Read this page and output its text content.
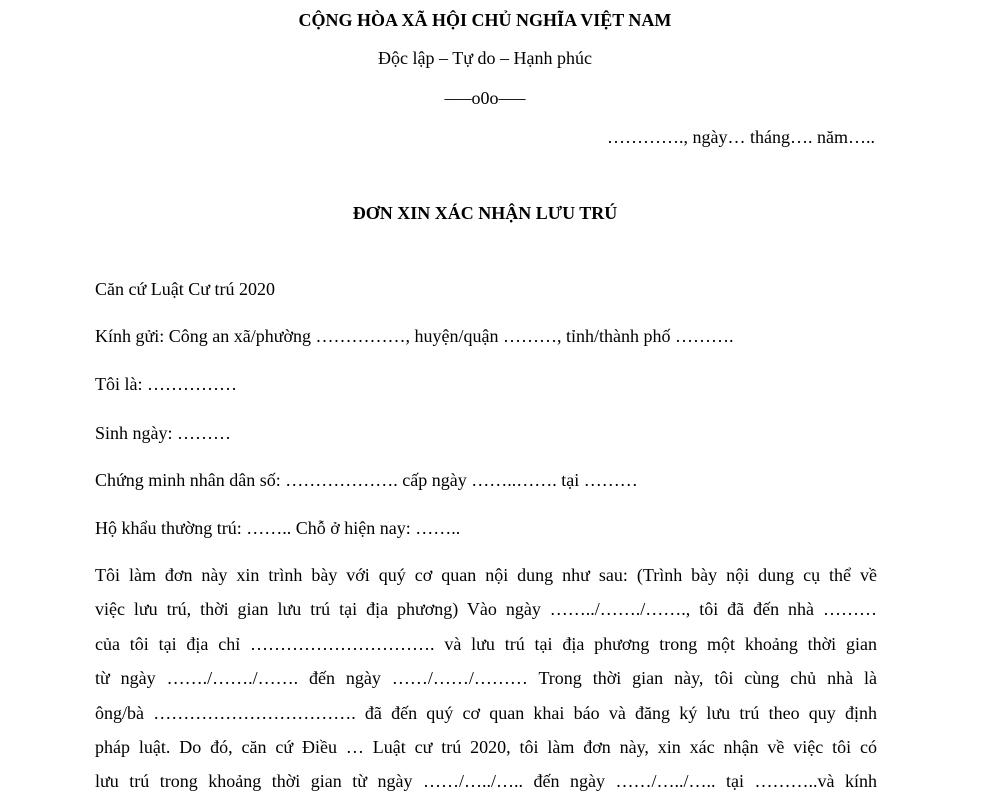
CỘNG HÒA XÃ HỘI CHỦ NGHĨA VIỆT NAM
Độc lập – Tự do – Hạnh phúc
–––o0o–––
…………., ngày… tháng…. năm…..
ĐƠN XIN XÁC NHẬN LƯU TRÚ
Căn cứ Luật Cư trú 2020
Kính gửi: Công an xã/phường ……………, huyện/quận ………, tỉnh/thành phố ……….
Tôi là: ……………
Sinh ngày: ………
Chứng minh nhân dân số: ………………. cấp ngày ……..……. tại ………
Hộ khẩu thường trú: …….. Chỗ ở hiện nay: ……..
Tôi làm đơn này xin trình bày với quý cơ quan nội dung như sau: (Trình bày nội dung cụ thể về
việc lưu trú, thời gian lưu trú tại địa phương) Vào ngày ……../……./……., tôi đã đến nhà ………
của tôi tại địa chỉ …………………………. và lưu trú tại địa phương trong một khoảng thời gian
từ ngày ……./……./……. đến ngày ……/……/……… Trong thời gian này, tôi cùng chủ nhà là
ông/bà ……………………………. đã đến quý cơ quan khai báo và đăng ký lưu trú theo quy định
pháp luật. Do đó, căn cứ Điều … Luật cư trú 2020, tôi làm đơn này, xin xác nhận về việc tôi có
lưu trú trong khoảng thời gian từ ngày ……/…../….. đến ngày ……/…../….. tại ………..và kính
